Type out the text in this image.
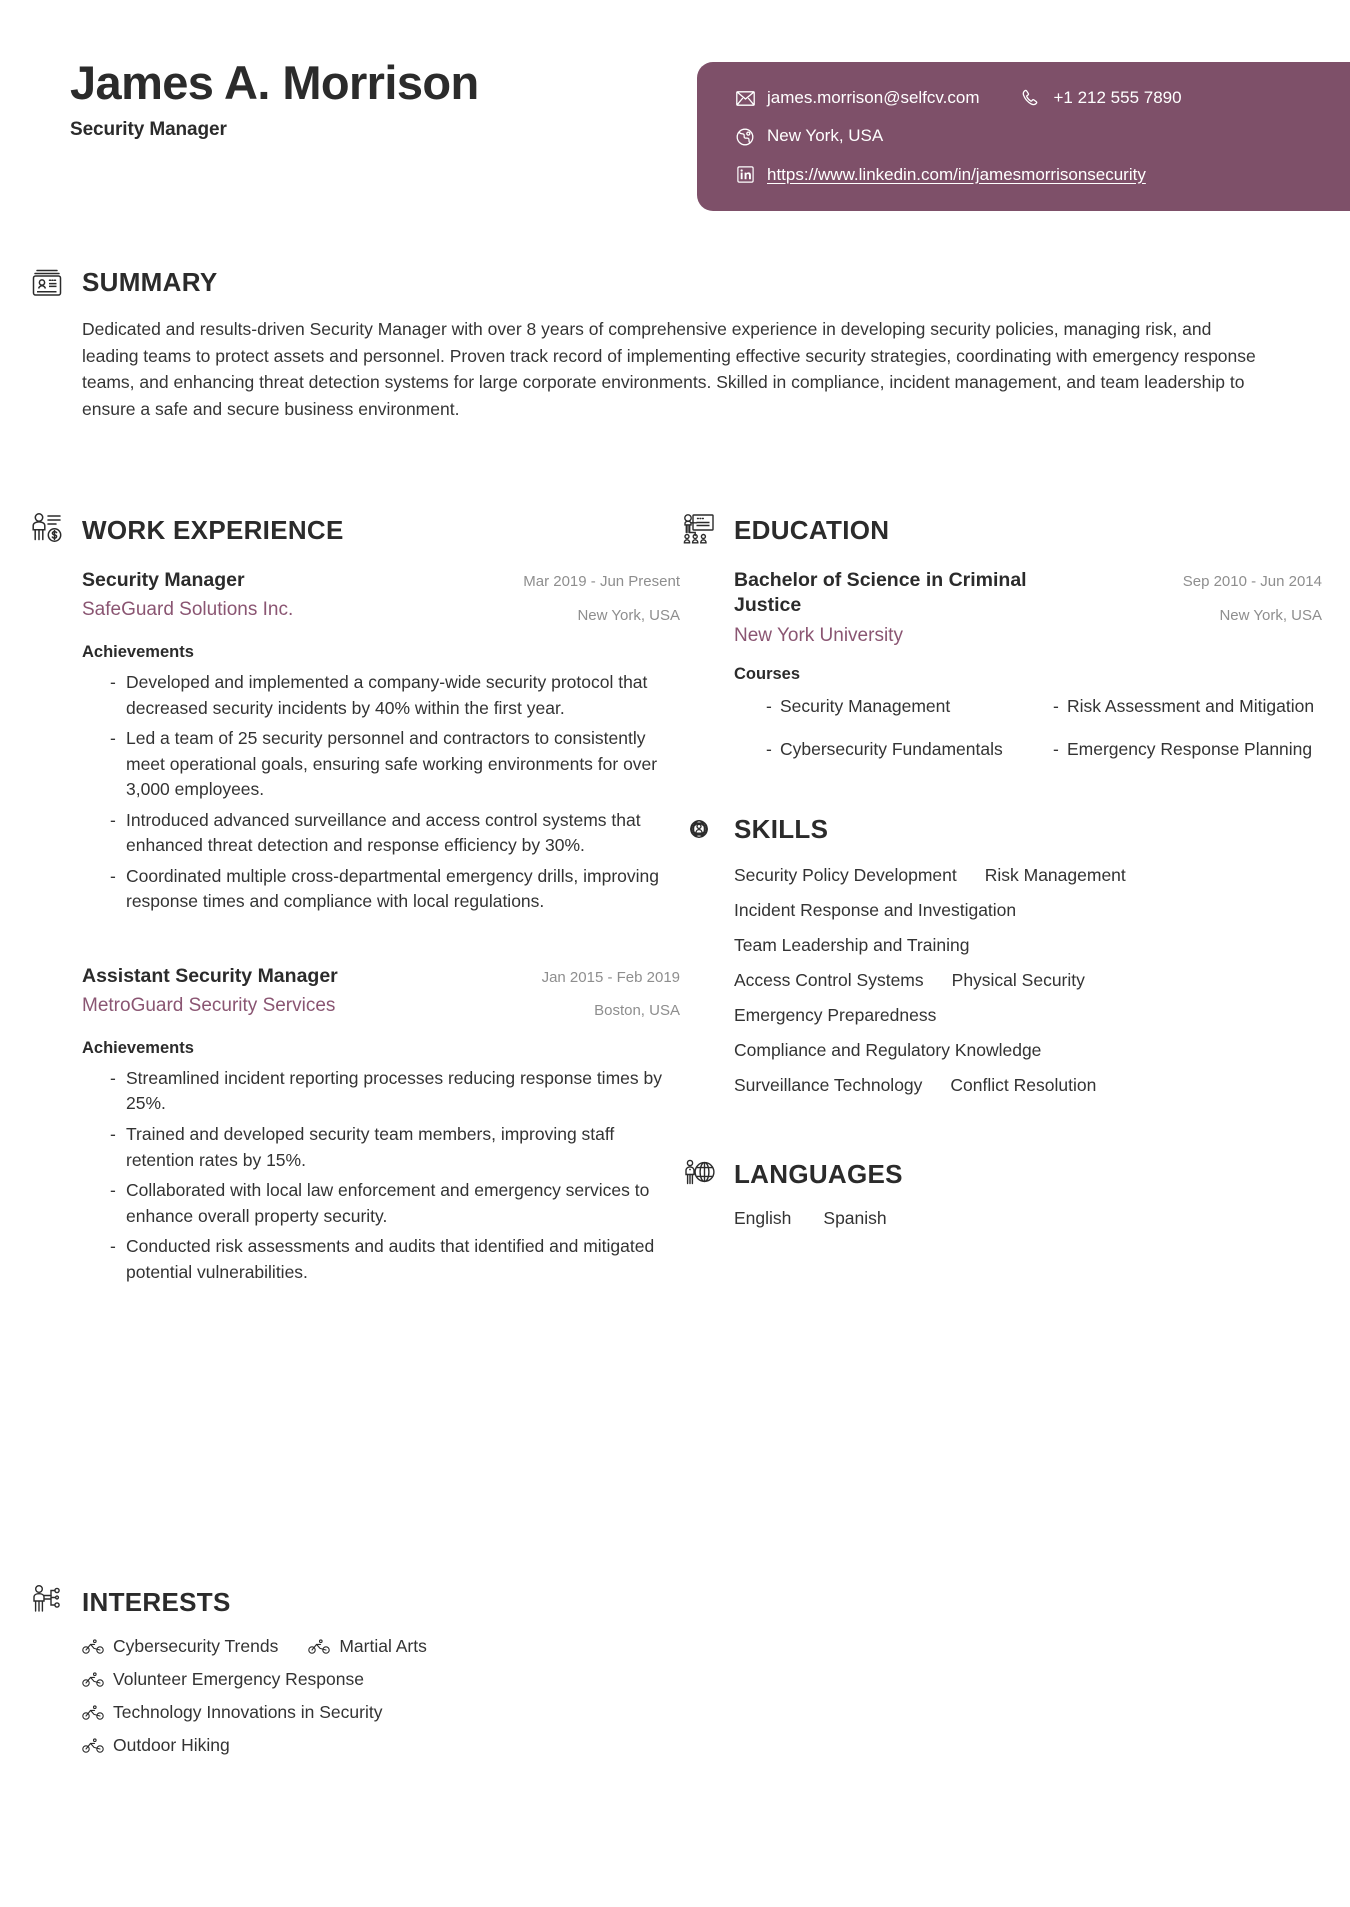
James A. Morrison
Security Manager
james.morrison@selfcv.com	+1 212 555 7890
New York, USA
https://www.linkedin.com/in/jamesmorrisonsecurity
SUMMARY
Dedicated and results-driven Security Manager with over 8 years of comprehensive experience in developing security policies, managing risk, and leading teams to protect assets and personnel. Proven track record of implementing effective security strategies, coordinating with emergency response teams, and enhancing threat detection systems for large corporate environments. Skilled in compliance, incident management, and team leadership to ensure a safe and secure business environment.
WORK EXPERIENCE
Security Manager
SafeGuard Solutions Inc.
Mar 2019 - Jun Present
New York, USA
Achievements
- Developed and implemented a company-wide security protocol that decreased security incidents by 40% within the first year.
- Led a team of 25 security personnel and contractors to consistently meet operational goals, ensuring safe working environments for over 3,000 employees.
- Introduced advanced surveillance and access control systems that enhanced threat detection and response efficiency by 30%.
- Coordinated multiple cross-departmental emergency drills, improving response times and compliance with local regulations.
Assistant Security Manager
MetroGuard Security Services
Jan 2015 - Feb 2019
Boston, USA
Achievements
- Streamlined incident reporting processes reducing response times by 25%.
- Trained and developed security team members, improving staff retention rates by 15%.
- Collaborated with local law enforcement and emergency services to enhance overall property security.
- Conducted risk assessments and audits that identified and mitigated potential vulnerabilities.
EDUCATION
Bachelor of Science in Criminal Justice
New York University
Sep 2010 - Jun 2014
New York, USA
Courses
- Security Management	- Risk Assessment and Mitigation
- Cybersecurity Fundamentals	- Emergency Response Planning
SKILLS
Security Policy Development Risk Management
Incident Response and Investigation
Team Leadership and Training
Access Control Systems Physical Security
Emergency Preparedness
Compliance and Regulatory Knowledge
Surveillance Technology Conflict Resolution
LANGUAGES
English Spanish
INTERESTS
Cybersecurity Trends	Martial Arts
Volunteer Emergency Response
Technology Innovations in Security
Outdoor Hiking
